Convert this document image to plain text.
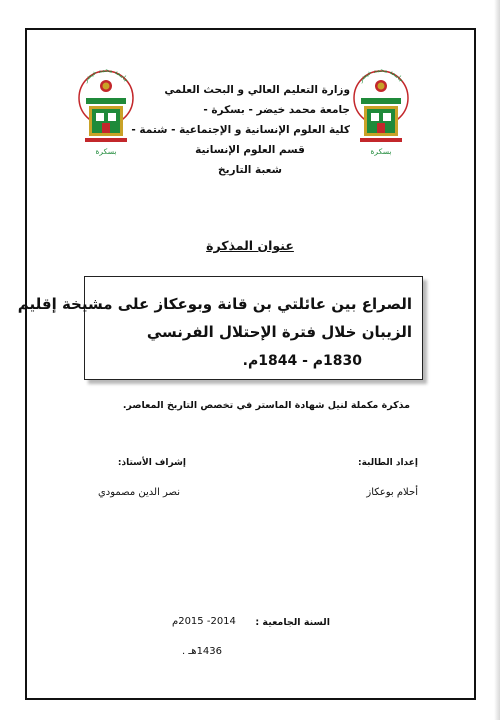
جامعة محمد خيضر
بسكرة
جامعة محمد خيضر
بسكرة
وزارة التعليم العالي و البحث العلمي
جامعة محمد خيضر - بسكرة -
كلية العلوم الإنسانية و الإجتماعية - شتمة -
قسم العلوم الإنسانية
شعبة التاريخ
عنوان المذكرة
الصراع بين عائلتي بن قانة وبوعكاز على مشيخة إقليم
الزيبان خلال فترة الإحتلال الفرنسي
1830م - 1844م.
مذكرة مكملة لنيل شهادة الماستر في تخصص التاريخ المعاصر.
إعداد الطالبة:
إشراف الأستاذ:
أحلام بوعكاز
نصر الدين مصمودي
السنة الجامعية :
2014- 2015م
1436هـ .
